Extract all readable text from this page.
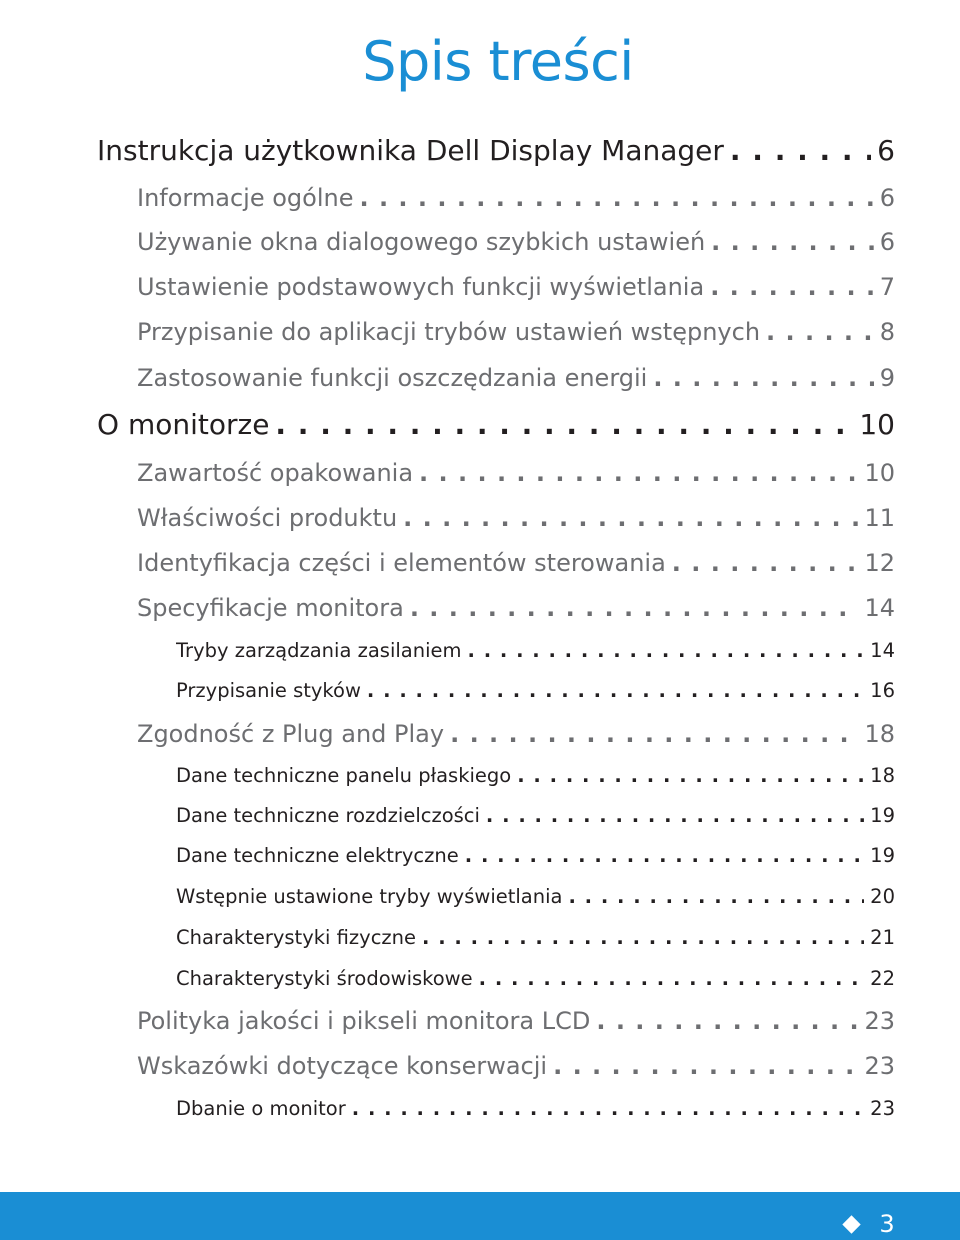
Spis treści
Instrukcja użytkownika Dell Display Manager . . .	6
Informacje ogólne . . .	6
Używanie okna dialogowego szybkich ustawień . . .	6
Ustawienie podstawowych funkcji wyświetlania . . .	7
Przypisanie do aplikacji trybów ustawień wstępnych . . .	8
Zastosowanie funkcji oszczędzania energii . . .	9
O monitorze . . .	10
Zawartość opakowania . . .	10
Właściwości produktu . . .	11
Identyfikacja części i elementów sterowania . . .	12
Specyfikacje monitora . . .	14
Tryby zarządzania zasilaniem . . .	14
Przypisanie styków . . .	16
Zgodność z Plug and Play . . .	18
Dane techniczne panelu płaskiego . . .	18
Dane techniczne rozdzielczości . . .	19
Dane techniczne elektryczne . . .	19
Wstępnie ustawione tryby wyświetlania . . .	20
Charakterystyki fizyczne . . .	21
Charakterystyki środowiskowe . . .	22
Polityka jakości i pikseli monitora LCD . . .	23
Wskazówki dotyczące konserwacji . . .	23
Dbanie o monitor . . .	23
3
